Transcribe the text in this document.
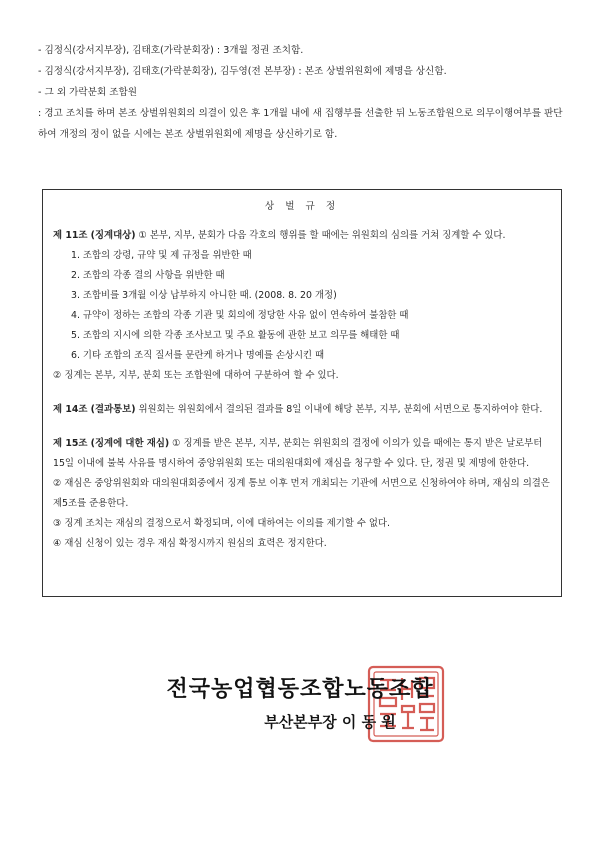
- 김정식(강서지부장), 김태호(가락분회장) : 3개월 정권 조치함.

- 김정식(강서지부장), 김태호(가락분회장), 김두영(전 본부장) : 본조 상벌위원회에 제명을 상신함.

- 그 외 가락분회 조합원

: 경고 조치를 하며 본조 상벌위원회의 의결이 있은 후 1개월 내에 새 집행부를 선출한 뒤 노동조합원으로 의무이행여부를 판단하여 개정의 정이 없을 시에는 본조 상벌위원회에 제명을 상신하기로 함.

상 벌 규 정

제 11조 (징계대상) ① 본부, 지부, 분회가 다음 각호의 행위를 할 때에는 위원회의 심의를 거쳐 징계할 수 있다.

1. 조합의 강령, 규약 및 제 규정을 위반한 때

2. 조합의 각종 결의 사항을 위반한 때

3. 조합비를 3개월 이상 납부하지 아니한 때. (2008. 8. 20 개정)

4. 규약이 정하는 조합의 각종 기관 및 회의에 정당한 사유 없이 연속하여 불참한 때

5. 조합의 지시에 의한 각종 조사보고 및 주요 활동에 관한 보고 의무를 해태한 때

6. 기타 조합의 조직 질서를 문란케 하거나 명예를 손상시킨 때

② 징계는 본부, 지부, 분회 또는 조합원에 대하여 구분하여 할 수 있다.

제 14조 (결과통보) 위원회는 위원회에서 결의된 결과를 8일 이내에 해당 본부, 지부, 분회에 서면으로 통지하여야 한다.

제 15조 (징계에 대한 재심) ① 징계를 받은 본부, 지부, 분회는 위원회의 결정에 이의가 있을 때에는 통지 받은 날로부터 15일 이내에 불복 사유를 명시하여 중앙위원회 또는 대의원대회에 재심을 청구할 수 있다. 단, 정권 및 제명에 한한다.

② 재심은 중앙위원회와 대의원대회중에서 징계 통보 이후 먼저 개최되는 기관에 서면으로 신청하여야 하며, 재심의 의결은 제5조를 준용한다.

③ 징계 조치는 재심의 결정으로서 확정되며, 이에 대하여는 이의를 제기할 수 없다.

④ 재심 신청이 있는 경우 재심 확정시까지 원심의 효력은 정지한다.

전국농업협동조합노동조합
부산본부장 이 동 원
